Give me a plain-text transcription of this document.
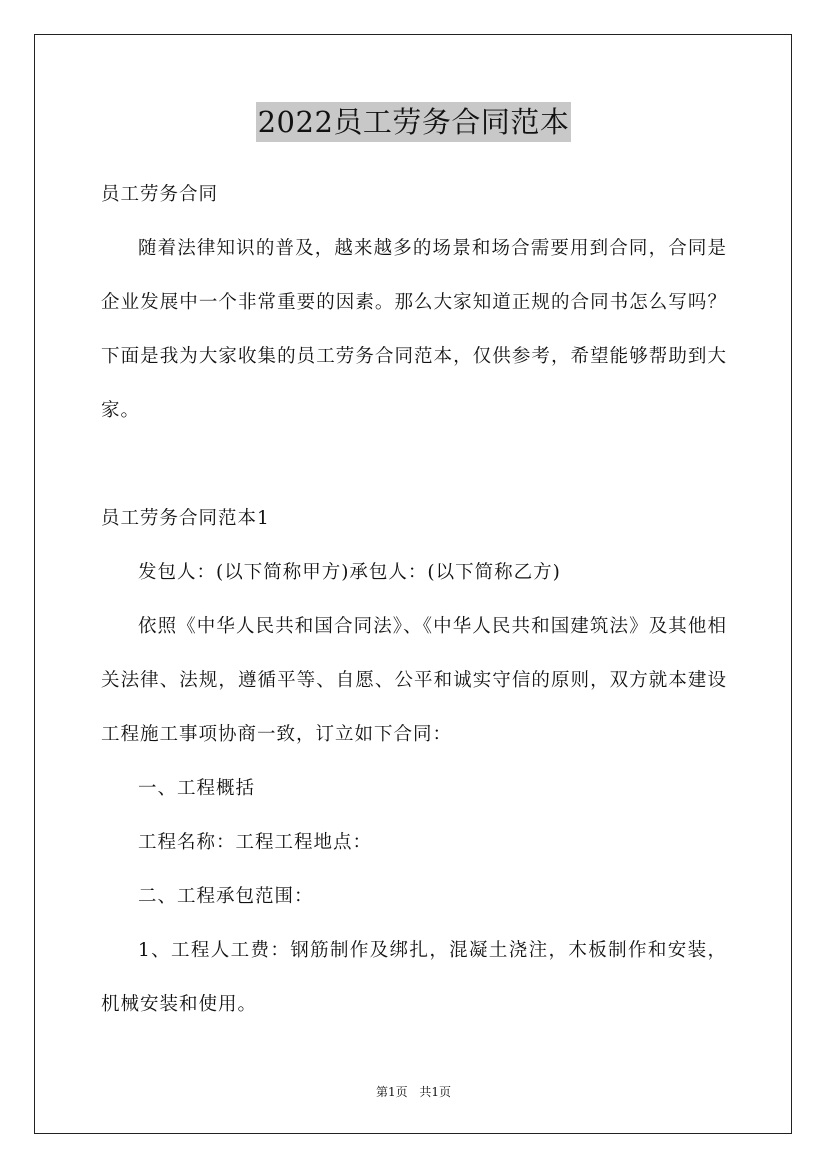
2022员工劳务合同范本

员工劳务合同

随着法律知识的普及，越来越多的场景和场合需要用到合同，合同是企业发展中一个非常重要的因素。那么大家知道正规的合同书怎么写吗？下面是我为大家收集的员工劳务合同范本，仅供参考，希望能够帮助到大家。

员工劳务合同范本1

发包人：(以下简称甲方)承包人：(以下简称乙方)

依照《中华人民共和国合同法》、《中华人民共和国建筑法》及其他相关法律、法规，遵循平等、自愿、公平和诚实守信的原则，双方就本建设工程施工事项协商一致，订立如下合同：

一、工程概括

工程名称：工程工程地点：

二、工程承包范围：

1、工程人工费：钢筋制作及绑扎，混凝土浇注，木板制作和安装，机械安装和使用。

第1页 共1页
